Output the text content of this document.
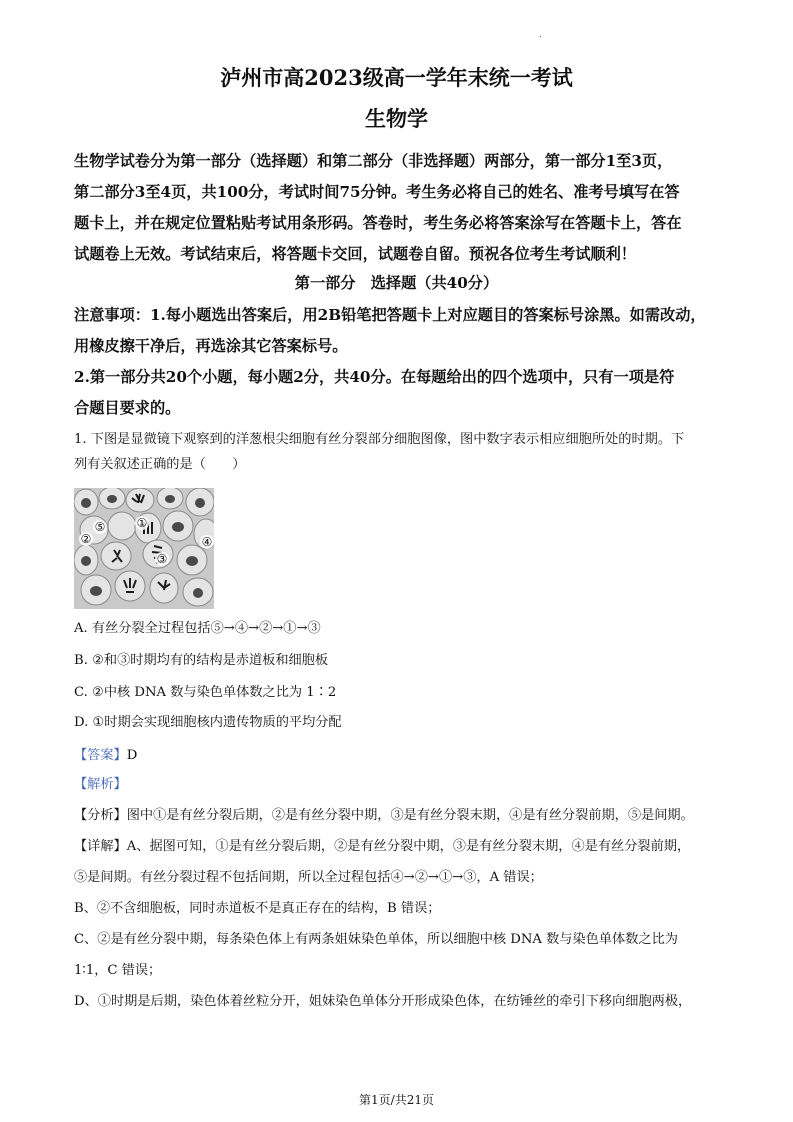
.
泸州市高2023级高一学年末统一考试
生物学

生物学试卷分为第一部分（选择题）和第二部分（非选择题）两部分，第一部分1至3页，

第二部分3至4页，共100分，考试时间75分钟。考生务必将自己的姓名、准考号填写在答

题卡上，并在规定位置粘贴考试用条形码。答卷时，考生务必将答案涂写在答题卡上，答在

试题卷上无效。考试结束后，将答题卡交回，试题卷自留。预祝各位考生考试顺利！

第一部分　选择题（共40分）

注意事项：1.每小题选出答案后，用2B铅笔把答题卡上对应题目的答案标号涂黑。如需改动，

用橡皮擦干净后，再选涂其它答案标号。

2.第一部分共20个小题，每小题2分，共40分。在每题给出的四个选项中，只有一项是符

合题目要求的。

1. 下图是显微镜下观察到的洋葱根尖细胞有丝分裂部分细胞图像，图中数字表示相应细胞所处的时期。下

列有关叙述正确的是（　　）

⑤	①
②	④
③
A. 有丝分裂全过程包括⑤→④→②→①→③
B. ②和③时期均有的结构是赤道板和细胞板
C. ②中核 DNA 数与染色单体数之比为 1∶2
D. ①时期会实现细胞核内遗传物质的平均分配
【答案】D
【解析】

【分析】图中①是有丝分裂后期，②是有丝分裂中期，③是有丝分裂末期，④是有丝分裂前期，⑤是间期。

【详解】A、据图可知，①是有丝分裂后期，②是有丝分裂中期，③是有丝分裂末期，④是有丝分裂前期，

⑤是间期。有丝分裂过程不包括间期，所以全过程包括④→②→①→③，A 错误；

B、②不含细胞板，同时赤道板不是真正存在的结构，B 错误；

C、②是有丝分裂中期，每条染色体上有两条姐妹染色单体，所以细胞中核 DNA 数与染色单体数之比为

1∶1，C 错误；

D、①时期是后期，染色体着丝粒分开，姐妹染色单体分开形成染色体，在纺锤丝的牵引下移向细胞两极，

第1页/共21页
